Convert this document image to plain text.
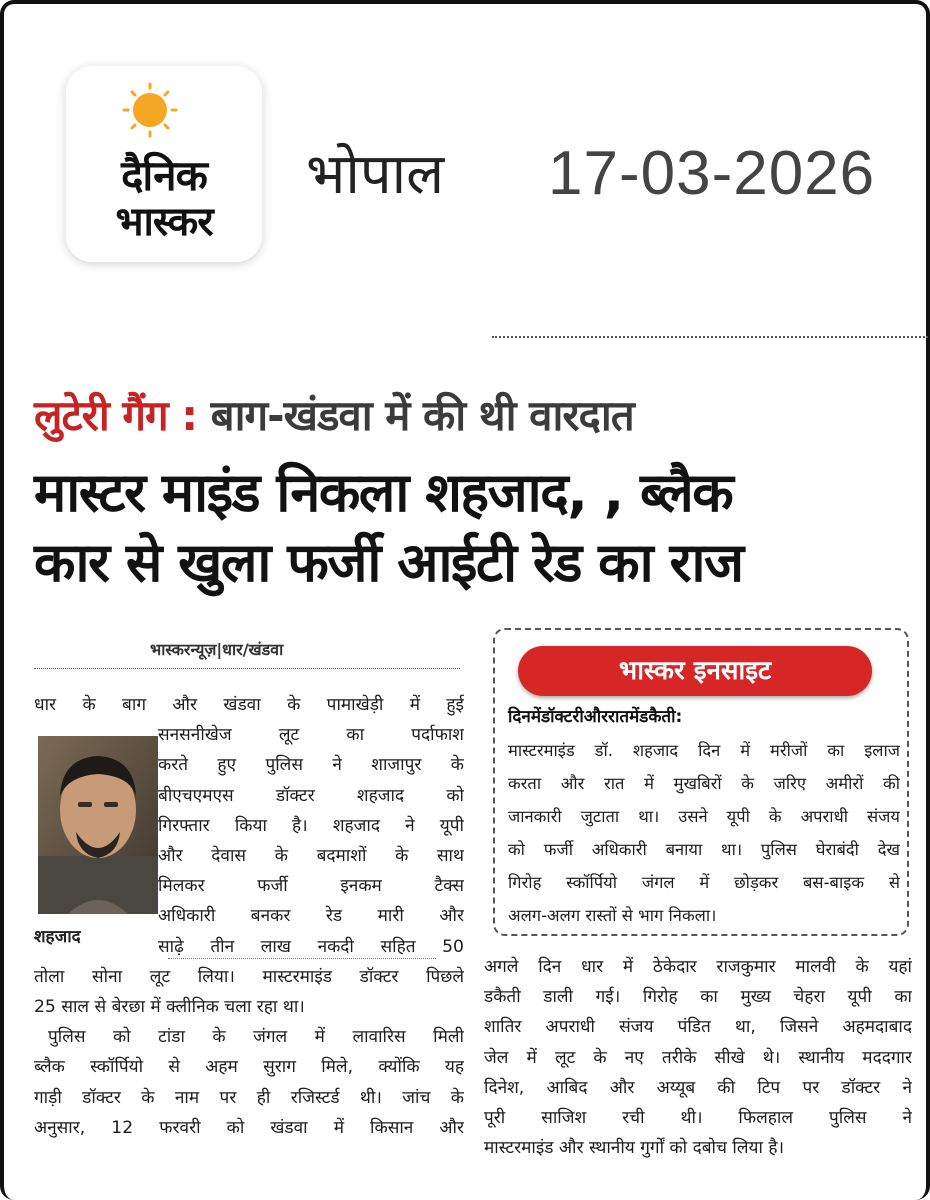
दैनिक
भास्कर
भोपाल 17-03-2026
लुटेरी गैंग : बाग-खंडवा में की थी वारदात
मास्टर माइंड निकला शहजाद, , ब्लैक
कार से खुला फर्जी आईटी रेड का राज
भास्करन्यूज़|धार/खंडवा
धार के बाग और खंडवा के पामाखेड़ी में हुई
सनसनीखेज लूट का पर्दाफाश
करते हुए पुलिस ने शाजापुर के
बीएचएमएस डॉक्टर शहजाद को
गिरफ्तार किया है। शहजाद ने यूपी
और देवास के बदमाशों के साथ
मिलकर फर्जी इनकम टैक्स
अधिकारी बनकर रेड मारी और
साढ़े तीन लाख नकदी सहित 50
तोला सोना लूट लिया। मास्टरमाइंड डॉक्टर पिछले
25 साल से बेरछा में क्लीनिक चला रहा था।
पुलिस को टांडा के जंगल में लावारिस मिली
ब्लैक स्कॉर्पियो से अहम सुराग मिले, क्योंकि यह
गाड़ी डॉक्टर के नाम पर ही रजिस्टर्ड थी। जांच के
अनुसार, 12 फरवरी को खंडवा में किसान और
शहजाद
भास्कर इनसाइट
दिनमेंडॉक्टरीऔररातमेंडकैती:
मास्टरमाइंड डॉ. शहजाद दिन में मरीजों का इलाज
करता और रात में मुखबिरों के जरिए अमीरों की
जानकारी जुटाता था। उसने यूपी के अपराधी संजय
को फर्जी अधिकारी बनाया था। पुलिस घेराबंदी देख
गिरोह स्कॉर्पियो जंगल में छोड़कर बस-बाइक से
अलग-अलग रास्तों से भाग निकला।
अगले दिन धार में ठेकेदार राजकुमार मालवी के यहां
डकैती डाली गई। गिरोह का मुख्य चेहरा यूपी का
शातिर अपराधी संजय पंडित था, जिसने अहमदाबाद
जेल में लूट के नए तरीके सीखे थे। स्थानीय मददगार
दिनेश, आबिद और अय्यूब की टिप पर डॉक्टर ने
पूरी साजिश रची थी। फिलहाल पुलिस ने
मास्टरमाइंड और स्थानीय गुर्गों को दबोच लिया है।
